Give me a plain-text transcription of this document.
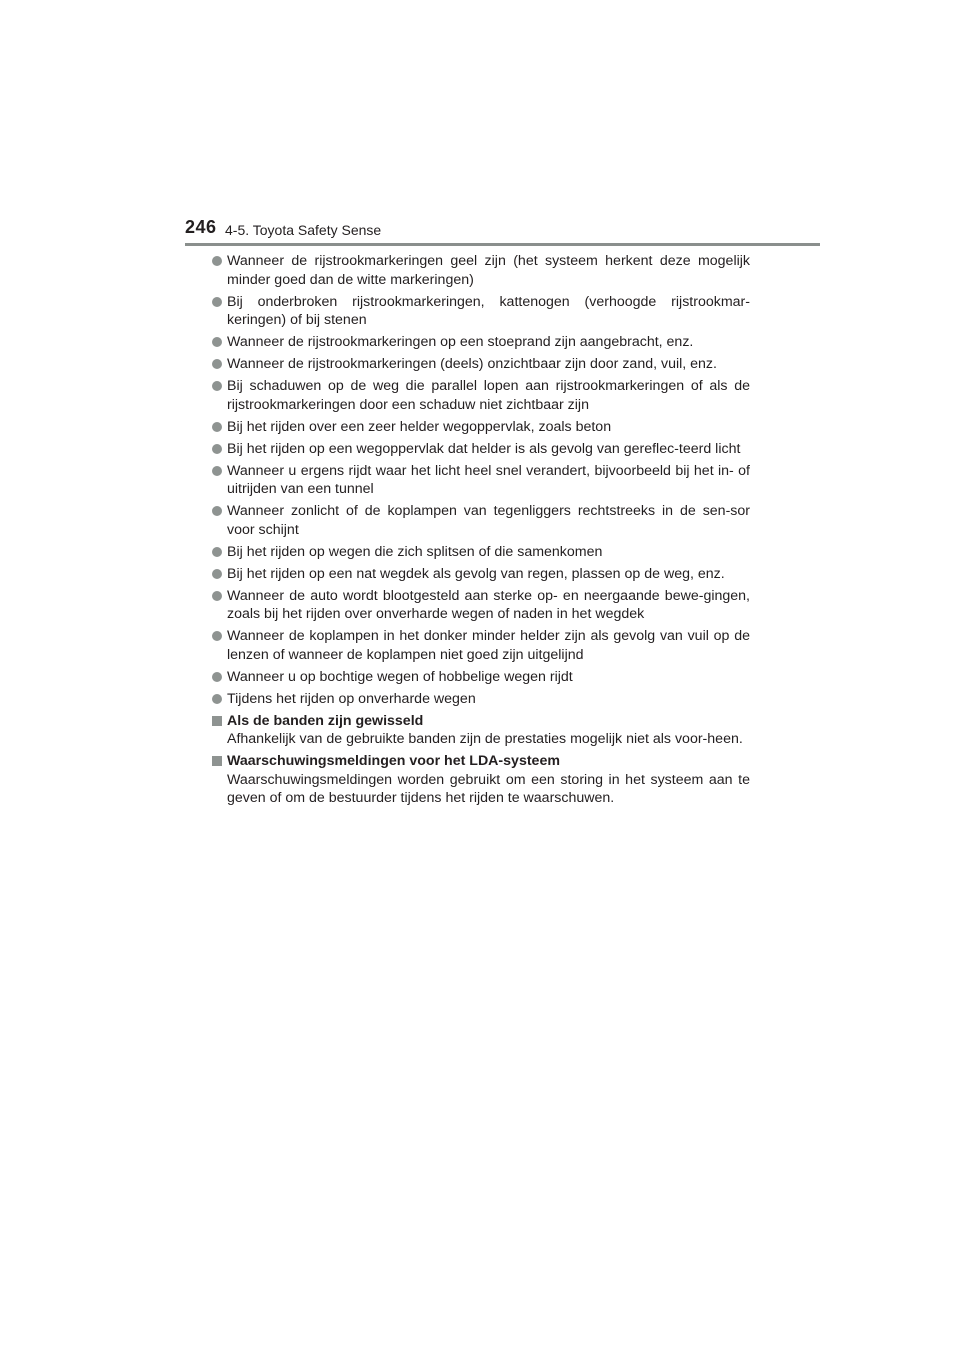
246 4-5. Toyota Safety Sense
Wanneer de rijstrookmarkeringen geel zijn (het systeem herkent deze mogelijk minder goed dan de witte markeringen)
Bij onderbroken rijstrookmarkeringen, kattenogen (verhoogde rijstrookmar-keringen) of bij stenen
Wanneer de rijstrookmarkeringen op een stoeprand zijn aangebracht, enz.
Wanneer de rijstrookmarkeringen (deels) onzichtbaar zijn door zand, vuil, enz.
Bij schaduwen op de weg die parallel lopen aan rijstrookmarkeringen of als de rijstrookmarkeringen door een schaduw niet zichtbaar zijn
Bij het rijden over een zeer helder wegoppervlak, zoals beton
Bij het rijden op een wegoppervlak dat helder is als gevolg van gereflec-teerd licht
Wanneer u ergens rijdt waar het licht heel snel verandert, bijvoorbeeld bij het in- of uitrijden van een tunnel
Wanneer zonlicht of de koplampen van tegenliggers rechtstreeks in de sen-sor voor schijnt
Bij het rijden op wegen die zich splitsen of die samenkomen
Bij het rijden op een nat wegdek als gevolg van regen, plassen op de weg, enz.
Wanneer de auto wordt blootgesteld aan sterke op- en neergaande bewe-gingen, zoals bij het rijden over onverharde wegen of naden in het wegdek
Wanneer de koplampen in het donker minder helder zijn als gevolg van vuil op de lenzen of wanneer de koplampen niet goed zijn uitgelijnd
Wanneer u op bochtige wegen of hobbelige wegen rijdt
Tijdens het rijden op onverharde wegen
Als de banden zijn gewisseld
Afhankelijk van de gebruikte banden zijn de prestaties mogelijk niet als voor-heen.
Waarschuwingsmeldingen voor het LDA-systeem
Waarschuwingsmeldingen worden gebruikt om een storing in het systeem aan te geven of om de bestuurder tijdens het rijden te waarschuwen.
